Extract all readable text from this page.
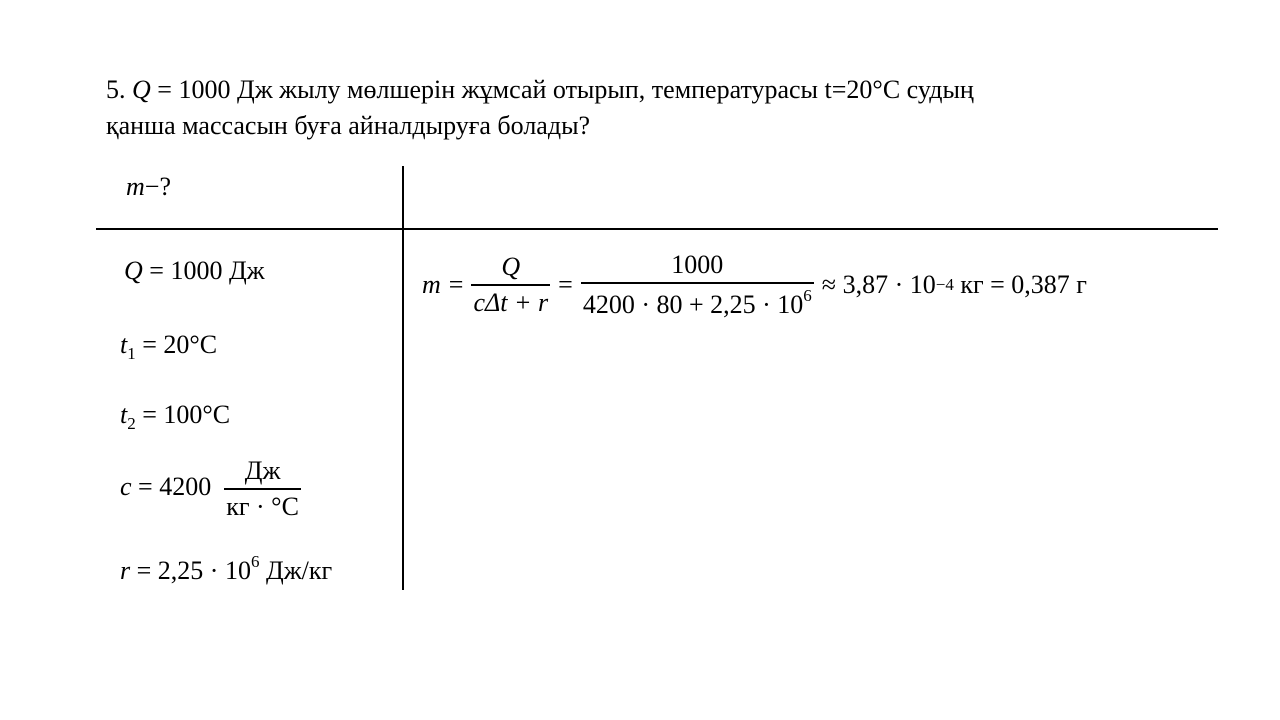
5. Q = 1000 Дж жылу мөлшерін жұмсай отырып, температурасы t=20°C судың
қанша массасын буға айналдыруға болады?
m−?
Q = 1000 Дж
$t_1 = 20^\circ C$
$t_2 = 100^\circ C$
$c = 4200 \frac{Дж}{кг \cdot ^\circ C}$
$r = 2,25 \cdot 10^6$ Дж/кг
$m = \frac{Q}{\text{cΔt + r}} = \frac{1000}{4200 \cdot 80 + 2,25 \cdot 10^6} \approx 3,87 \cdot 10 -4$ кг = 0,387 г
